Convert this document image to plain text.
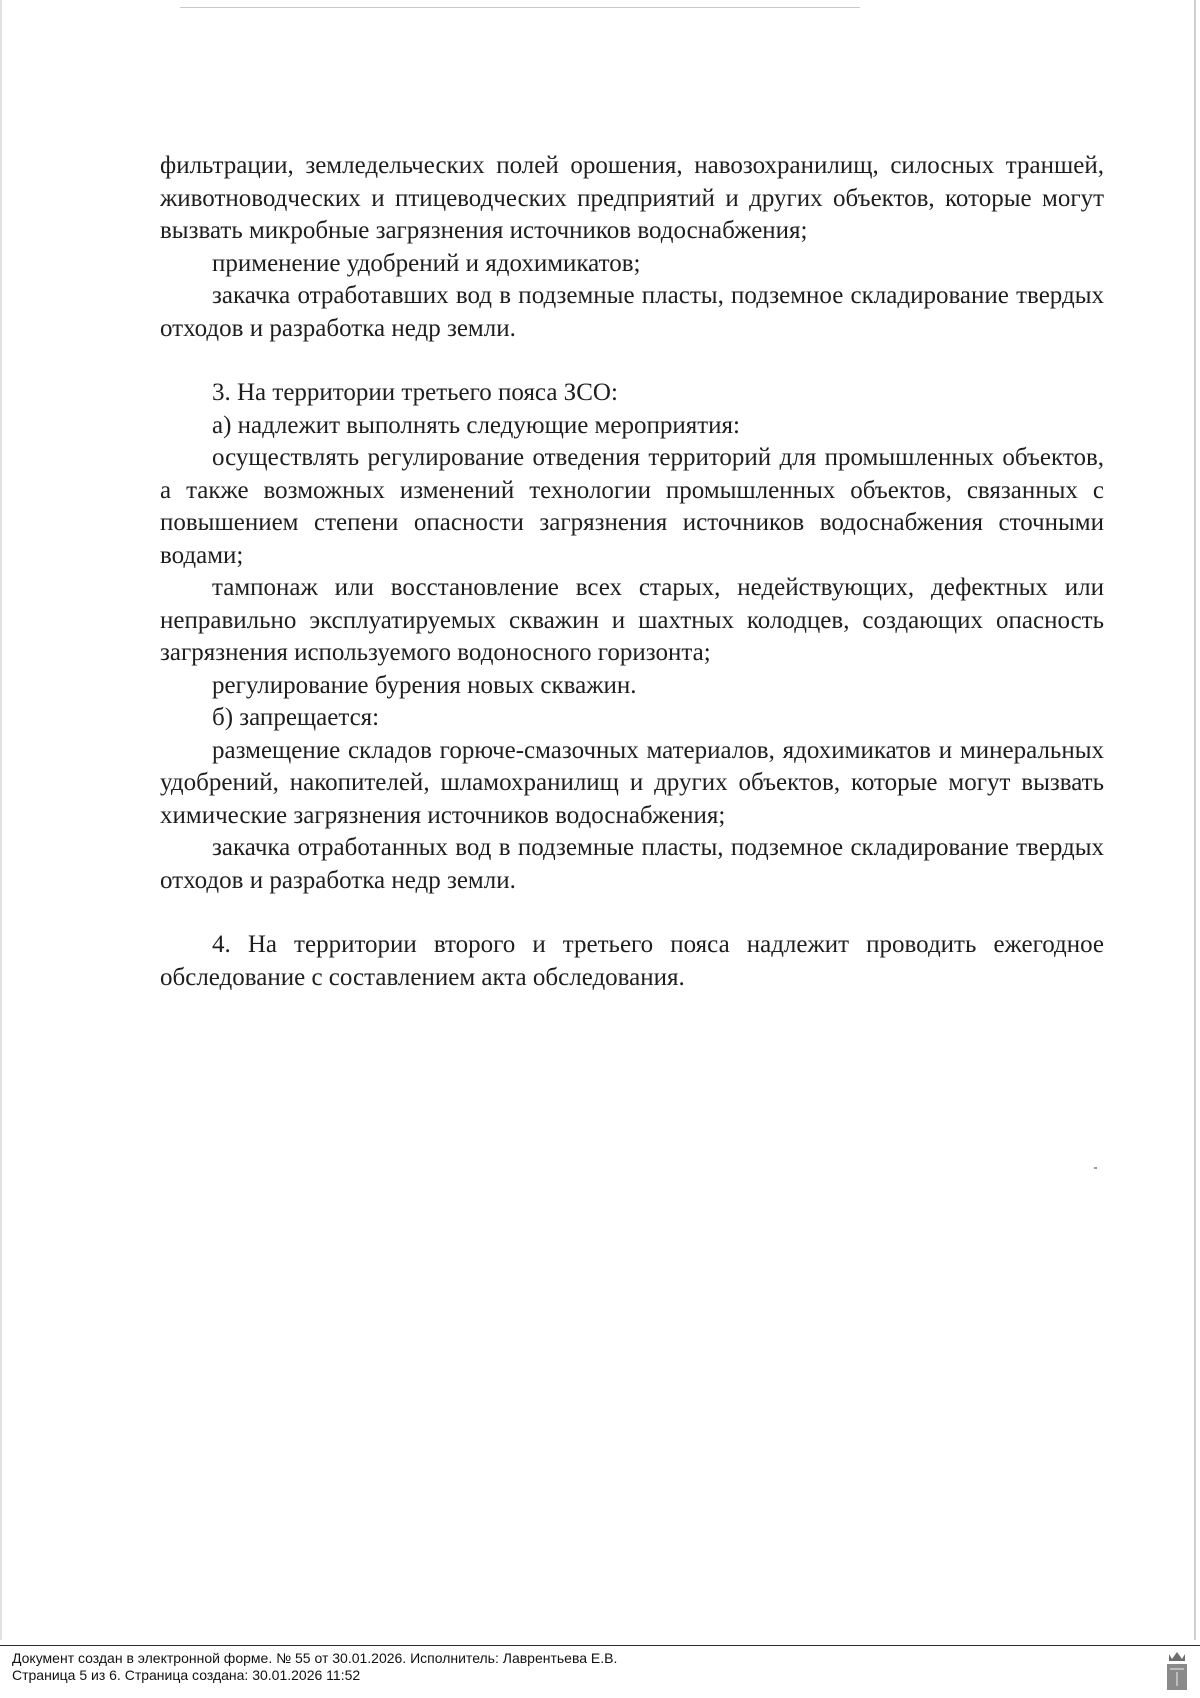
фильтрации, земледельческих полей орошения, навозохранилищ, силосных траншей, животноводческих и птицеводческих предприятий и других объектов, которые могут вызвать микробные загрязнения источников водоснабжения;

применение удобрений и ядохимикатов;

закачка отработавших вод в подземные пласты, подземное складирование твердых отходов и разработка недр земли.

3. На территории третьего пояса ЗСО:

а) надлежит выполнять следующие мероприятия:

осуществлять регулирование отведения территорий для промышленных объектов, а также возможных изменений технологии промышленных объектов, связанных с повышением степени опасности загрязнения источников водоснабжения сточными водами;

тампонаж или восстановление всех старых, недействующих, дефектных или неправильно эксплуатируемых скважин и шахтных колодцев, создающих опасность загрязнения используемого водоносного горизонта;

регулирование бурения новых скважин.

б) запрещается:

размещение складов горюче-смазочных материалов, ядохимикатов и минеральных удобрений, накопителей, шламохранилищ и других объектов, которые могут вызвать химические загрязнения источников водоснабжения;

закачка отработанных вод в подземные пласты, подземное складирование твердых отходов и разработка недр земли.

4. На территории второго и третьего пояса надлежит проводить ежегодное обследование с составлением акта обследования.

Документ создан в электронной форме. № 55 от 30.01.2026. Исполнитель: Лаврентьева Е.В.
Страница 5 из 6. Страница создана: 30.01.2026 11:52
